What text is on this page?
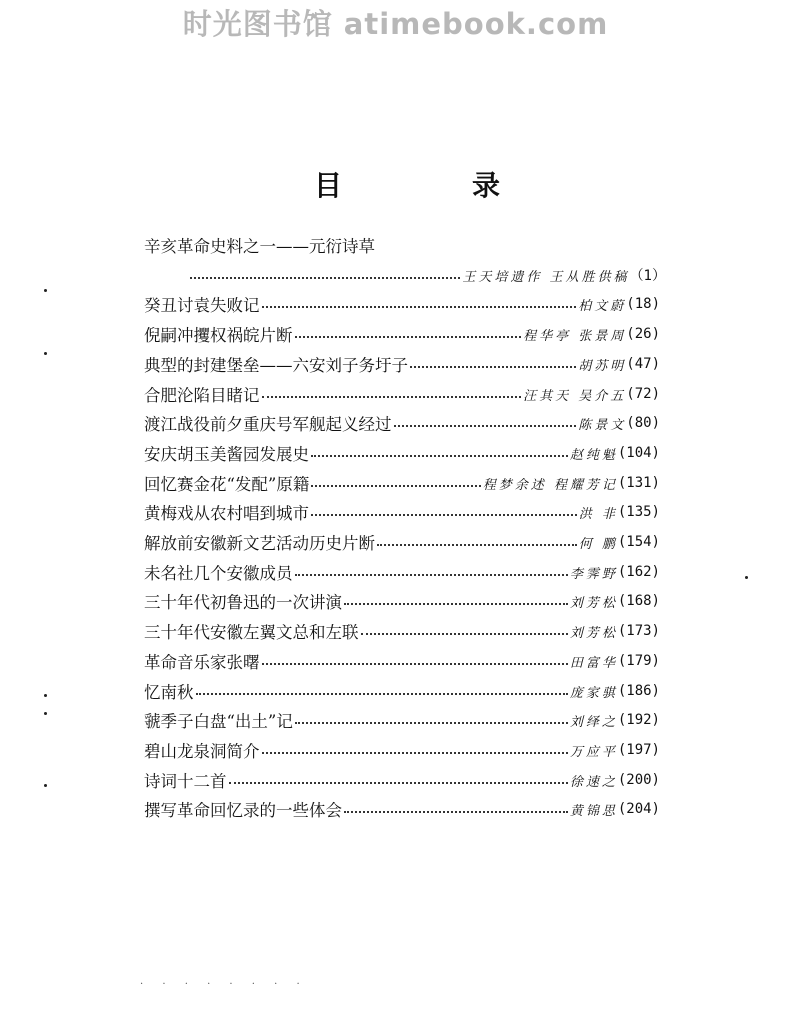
时光图书馆 atimebook.com
目	录
辛亥革命史料之一——元衍诗草
王天培遗作 王从胜供稿 （1）
癸丑讨袁失败记	柏文蔚 (18)
倪嗣冲攫权祸皖片断	程华亭 张景周 (26)
典型的封建堡垒——六安刘子务圩子	胡苏明 (47)
合肥沦陷目睹记	汪其天 吴介五 (72)
渡江战役前夕重庆号军舰起义经过	陈景文 (80)
安庆胡玉美酱园发展史	赵纯魁 (104)
回忆赛金花“发配”原籍	程梦余述 程耀芳记 (131)
黄梅戏从农村唱到城市	洪 非 (135)
解放前安徽新文艺活动历史片断	何 鹏 (154)
未名社几个安徽成员	李霁野 (162)
三十年代初鲁迅的一次讲演	刘芳松 (168)
三十年代安徽左翼文总和左联	刘芳松 (173)
革命音乐家张曙	田富华 (179)
忆南秋	庞家骐 (186)
虢季子白盘“出土”记	刘绎之 (192)
碧山龙泉洞简介	万应平 (197)
诗词十二首	徐速之 (200)
撰写革命回忆录的一些体会	黄锦思 (204)
. . . . . . . .
